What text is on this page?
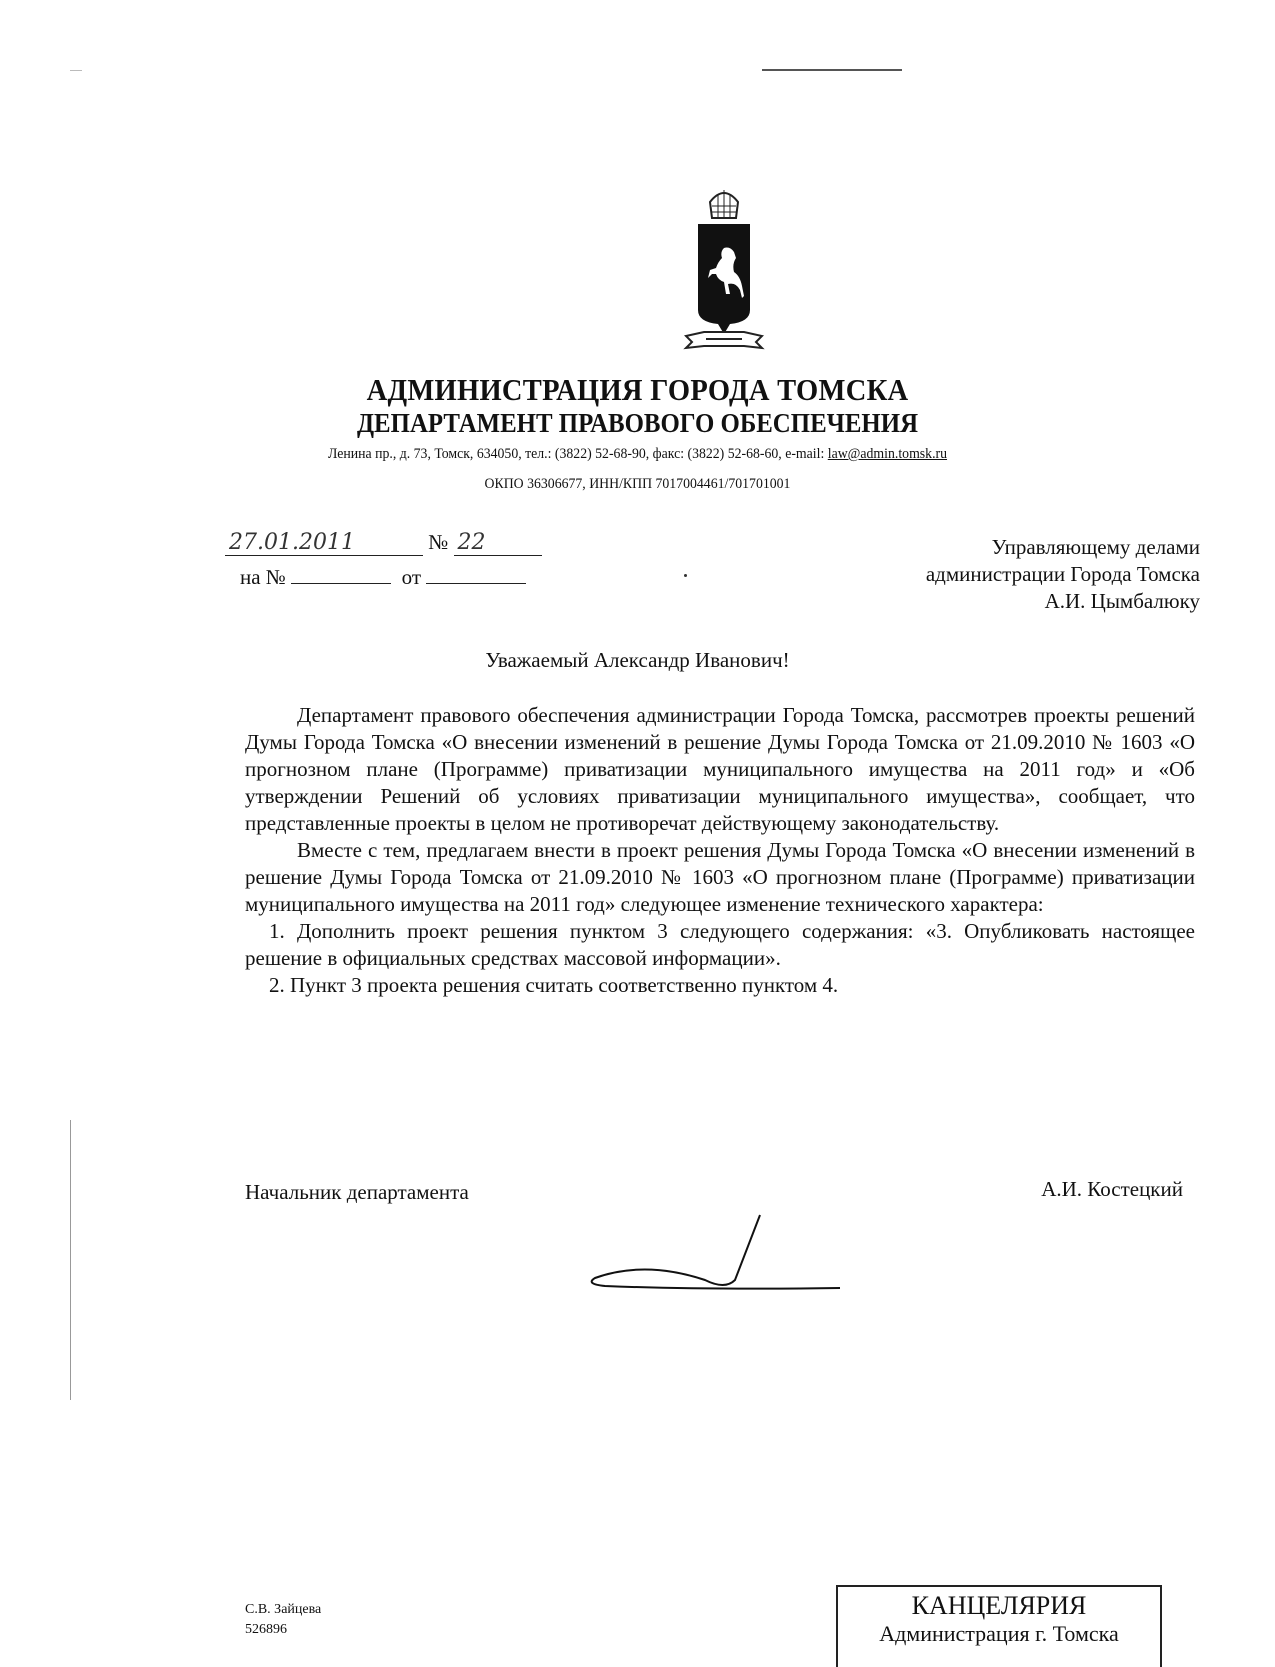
АДМИНИСТРАЦИЯ ГОРОДА ТОМСКА
ДЕПАРТАМЕНТ ПРАВОВОГО ОБЕСПЕЧЕНИЯ
Ленина пр., д. 73, Томск, 634050, тел.: (3822) 52-68-90, факс: (3822) 52-68-60, e-mail: law@admin.tomsk.ru
ОКПО 36306677, ИНН/КПП 7017004461/701701001
27.01.2011	№ 22
на №	от
Управляющему делами
администрации Города Томска
А.И. Цымбалюку
Уважаемый Александр Иванович!

Департамент правового обеспечения администрации Города Томска, рассмотрев проекты решений Думы Города Томска «О внесении изменений в решение Думы Города Томска от 21.09.2010 № 1603 «О прогнозном плане (Программе) приватизации муниципального имущества на 2011 год» и «Об утверждении Решений об условиях приватизации муниципального имущества», сообщает, что представленные проекты в целом не противоречат действующему законодательству.

Вместе с тем, предлагаем внести в проект решения Думы Города Томска «О внесении изменений в решение Думы Города Томска от 21.09.2010 № 1603 «О прогнозном плане (Программе) приватизации муниципального имущества на 2011 год» следующее изменение технического характера:

1. Дополнить проект решения пунктом 3 следующего содержания: «3. Опубликовать настоящее решение в официальных средствах массовой информации».

2. Пункт 3 проекта решения считать соответственно пунктом 4.

Начальник департамента	А.И. Костецкий
С.В. Зайцева
526896
КАНЦЕЛЯРИЯ
Администрация г. Томска
